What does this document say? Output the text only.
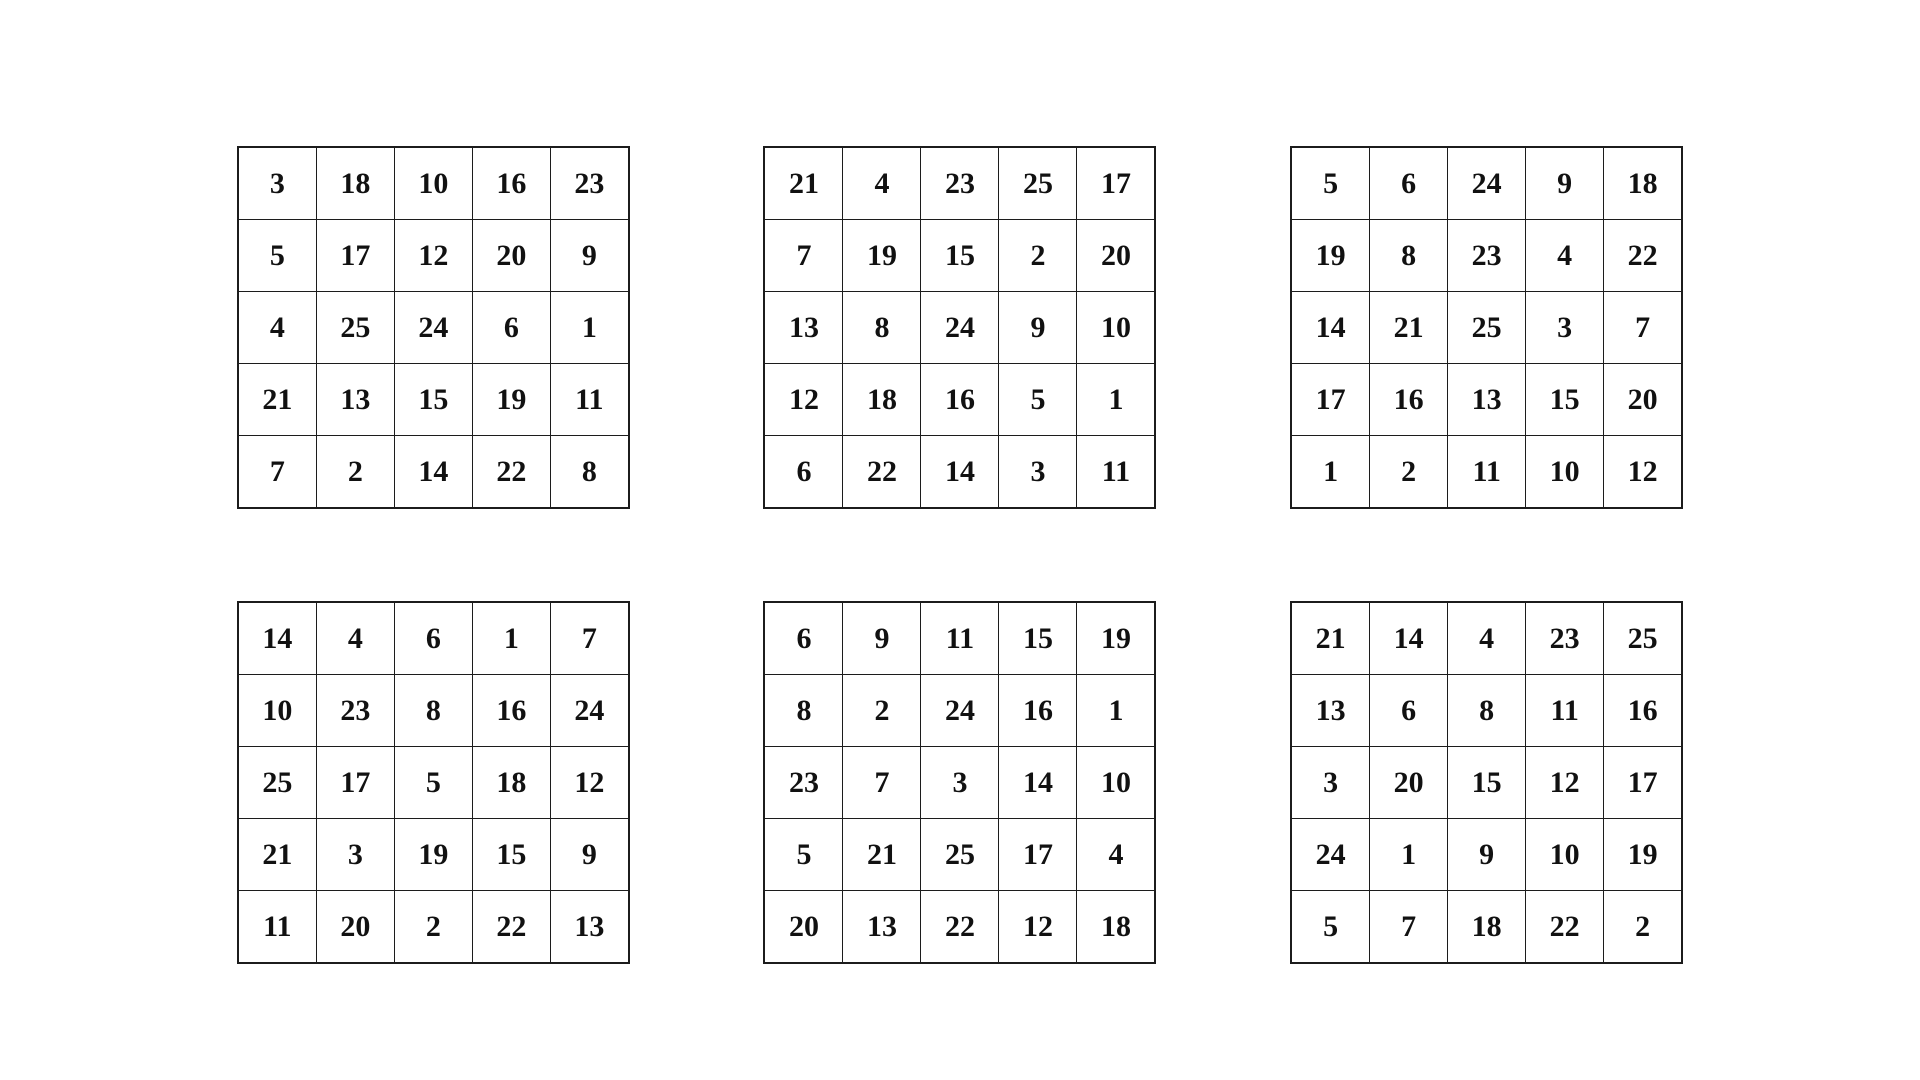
3	18	10	16	23
5	17	12	20	9
4	25	24	6	1
21	13	15	19	11
7	2	14	22	8
21	4	23	25	17
7	19	15	2	20
13	8	24	9	10
12	18	16	5	1
6	22	14	3	11
5	6	24	9	18
19	8	23	4	22
14	21	25	3	7
17	16	13	15	20
1	2	11	10	12
14	4	6	1	7
10	23	8	16	24
25	17	5	18	12
21	3	19	15	9
11	20	2	22	13
6	9	11	15	19
8	2	24	16	1
23	7	3	14	10
5	21	25	17	4
20	13	22	12	18
21	14	4	23	25
13	6	8	11	16
3	20	15	12	17
24	1	9	10	19
5	7	18	22	2
